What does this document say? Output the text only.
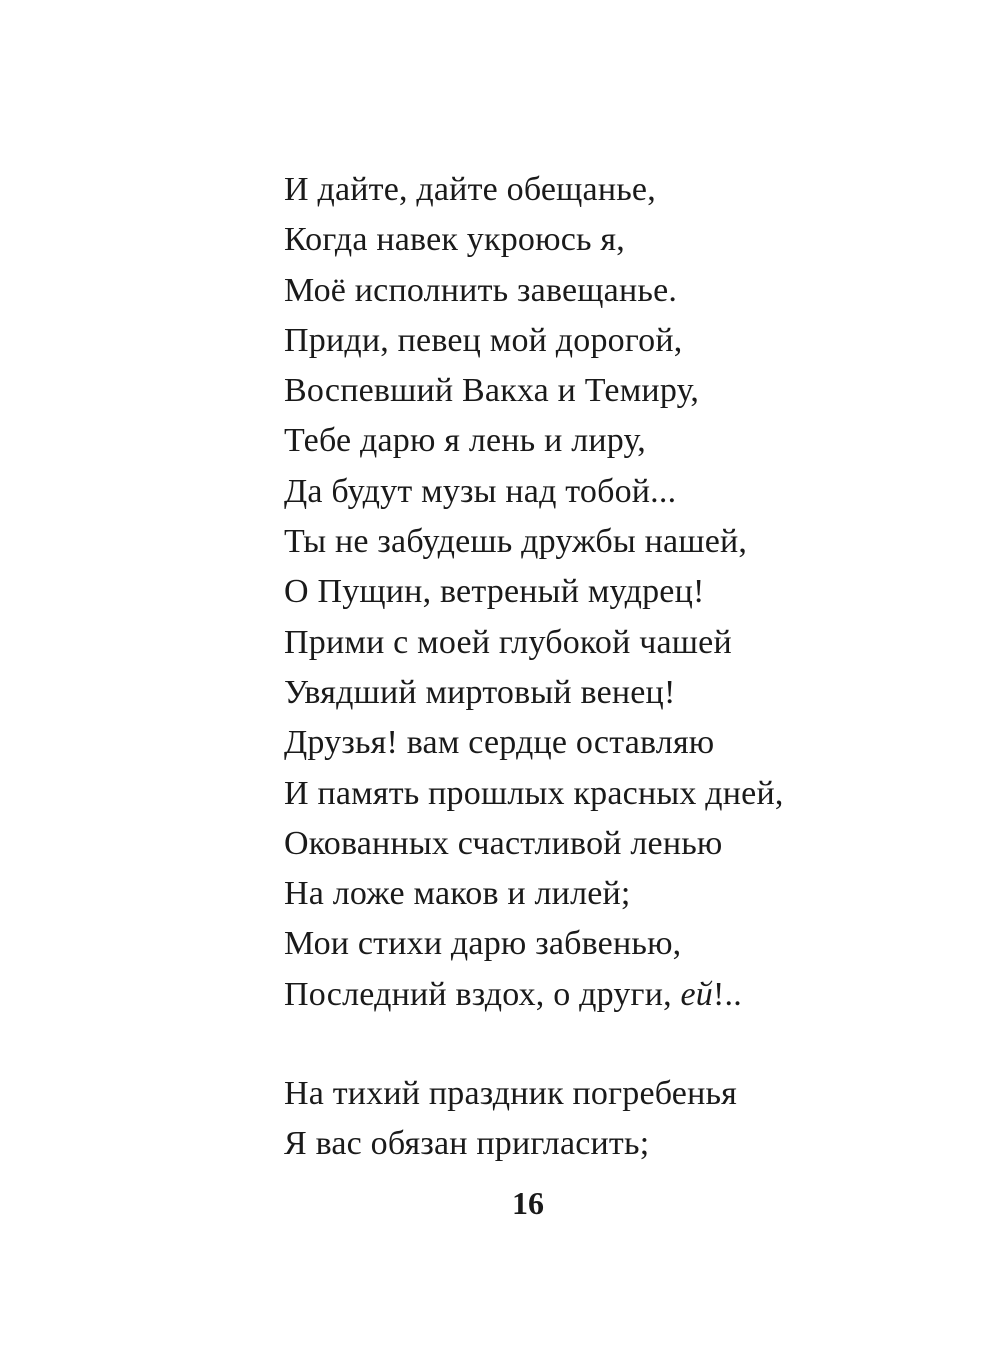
И дайте, дайте обещанье,
Когда навек укроюсь я,
Моё исполнить завещанье.
Приди, певец мой дорогой,
Воспевший Вакха и Темиру,
Тебе дарю я лень и лиру,
Да будут музы над тобой...
Ты не забудешь дружбы нашей,
О Пущин, ветреный мудрец!
Прими с моей глубокой чашей
Увядший миртовый венец!
Друзья! вам сердце оставляю
И память прошлых красных дней,
Окованных счастливой ленью
На ложе маков и лилей;
Мои стихи дарю забвенью,
Последний вздох, о други, ей!..
На тихий праздник погребенья
Я вас обязан пригласить;
16
